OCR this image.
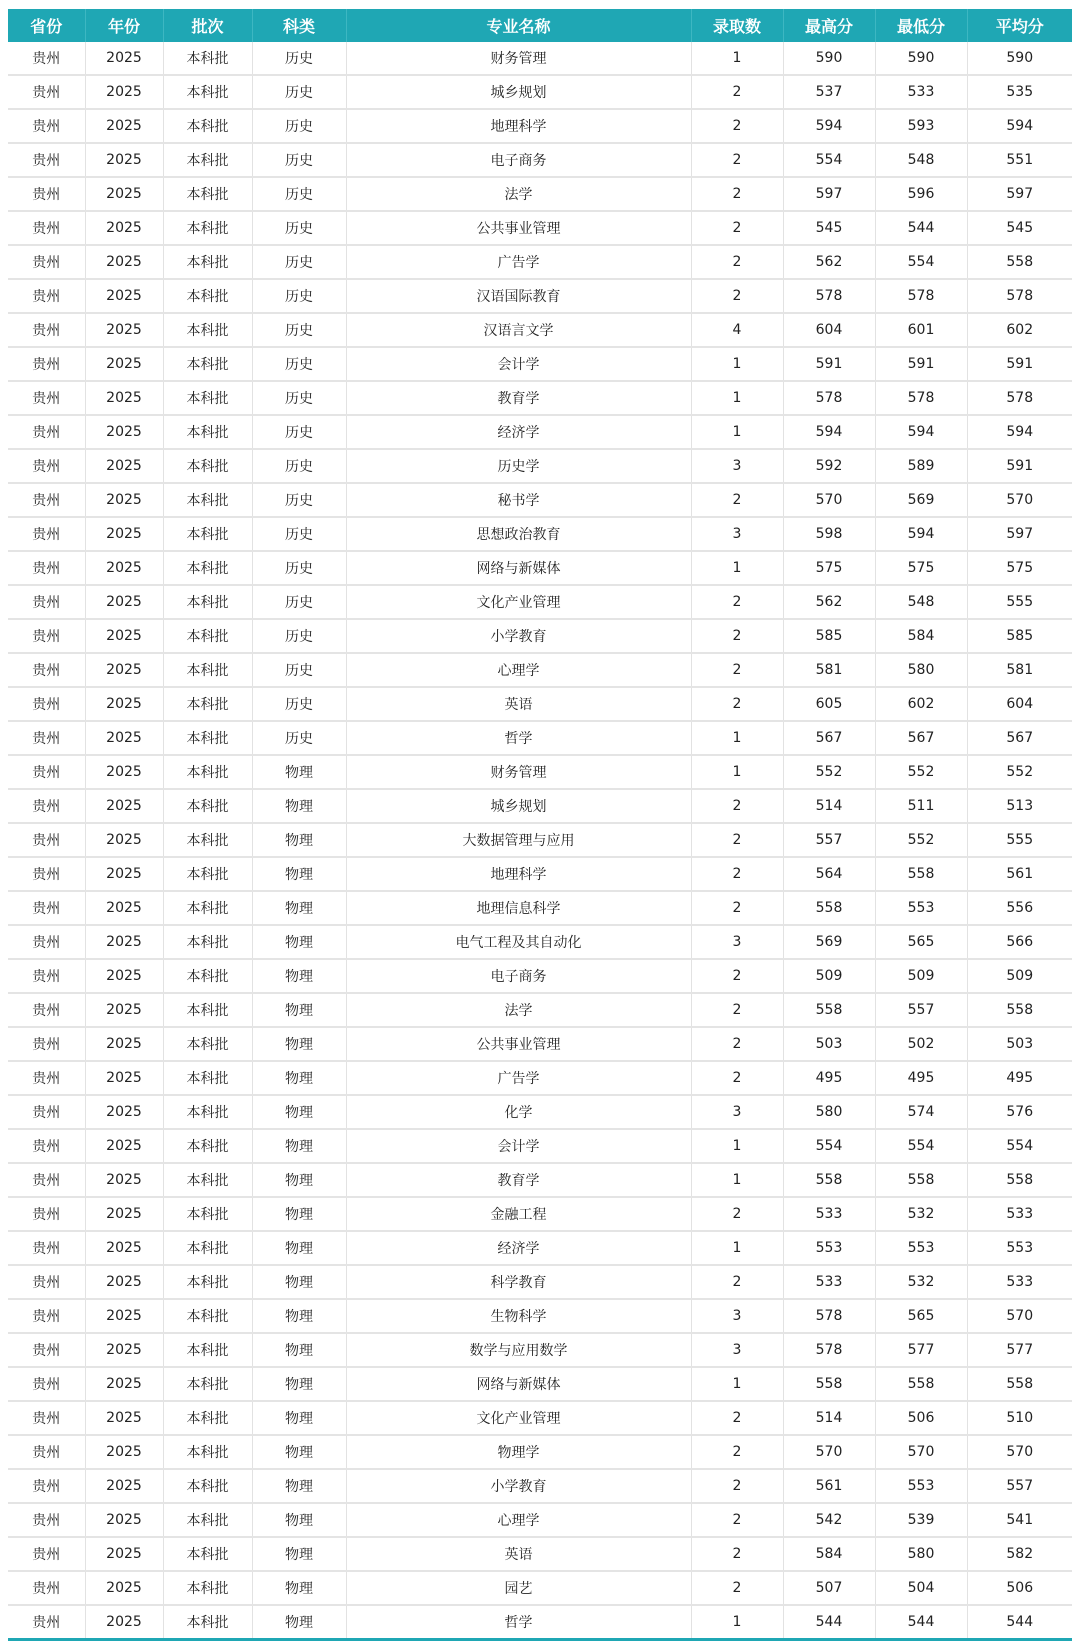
省份	年份	批次	科类	专业名称	录取数	最高分	最低分	平均分
贵州	2025	本科批	历史	财务管理	1	590	590	590
贵州	2025	本科批	历史	城乡规划	2	537	533	535
贵州	2025	本科批	历史	地理科学	2	594	593	594
贵州	2025	本科批	历史	电子商务	2	554	548	551
贵州	2025	本科批	历史	法学	2	597	596	597
贵州	2025	本科批	历史	公共事业管理	2	545	544	545
贵州	2025	本科批	历史	广告学	2	562	554	558
贵州	2025	本科批	历史	汉语国际教育	2	578	578	578
贵州	2025	本科批	历史	汉语言文学	4	604	601	602
贵州	2025	本科批	历史	会计学	1	591	591	591
贵州	2025	本科批	历史	教育学	1	578	578	578
贵州	2025	本科批	历史	经济学	1	594	594	594
贵州	2025	本科批	历史	历史学	3	592	589	591
贵州	2025	本科批	历史	秘书学	2	570	569	570
贵州	2025	本科批	历史	思想政治教育	3	598	594	597
贵州	2025	本科批	历史	网络与新媒体	1	575	575	575
贵州	2025	本科批	历史	文化产业管理	2	562	548	555
贵州	2025	本科批	历史	小学教育	2	585	584	585
贵州	2025	本科批	历史	心理学	2	581	580	581
贵州	2025	本科批	历史	英语	2	605	602	604
贵州	2025	本科批	历史	哲学	1	567	567	567
贵州	2025	本科批	物理	财务管理	1	552	552	552
贵州	2025	本科批	物理	城乡规划	2	514	511	513
贵州	2025	本科批	物理	大数据管理与应用	2	557	552	555
贵州	2025	本科批	物理	地理科学	2	564	558	561
贵州	2025	本科批	物理	地理信息科学	2	558	553	556
贵州	2025	本科批	物理	电气工程及其自动化	3	569	565	566
贵州	2025	本科批	物理	电子商务	2	509	509	509
贵州	2025	本科批	物理	法学	2	558	557	558
贵州	2025	本科批	物理	公共事业管理	2	503	502	503
贵州	2025	本科批	物理	广告学	2	495	495	495
贵州	2025	本科批	物理	化学	3	580	574	576
贵州	2025	本科批	物理	会计学	1	554	554	554
贵州	2025	本科批	物理	教育学	1	558	558	558
贵州	2025	本科批	物理	金融工程	2	533	532	533
贵州	2025	本科批	物理	经济学	1	553	553	553
贵州	2025	本科批	物理	科学教育	2	533	532	533
贵州	2025	本科批	物理	生物科学	3	578	565	570
贵州	2025	本科批	物理	数学与应用数学	3	578	577	577
贵州	2025	本科批	物理	网络与新媒体	1	558	558	558
贵州	2025	本科批	物理	文化产业管理	2	514	506	510
贵州	2025	本科批	物理	物理学	2	570	570	570
贵州	2025	本科批	物理	小学教育	2	561	553	557
贵州	2025	本科批	物理	心理学	2	542	539	541
贵州	2025	本科批	物理	英语	2	584	580	582
贵州	2025	本科批	物理	园艺	2	507	504	506
贵州	2025	本科批	物理	哲学	1	544	544	544
